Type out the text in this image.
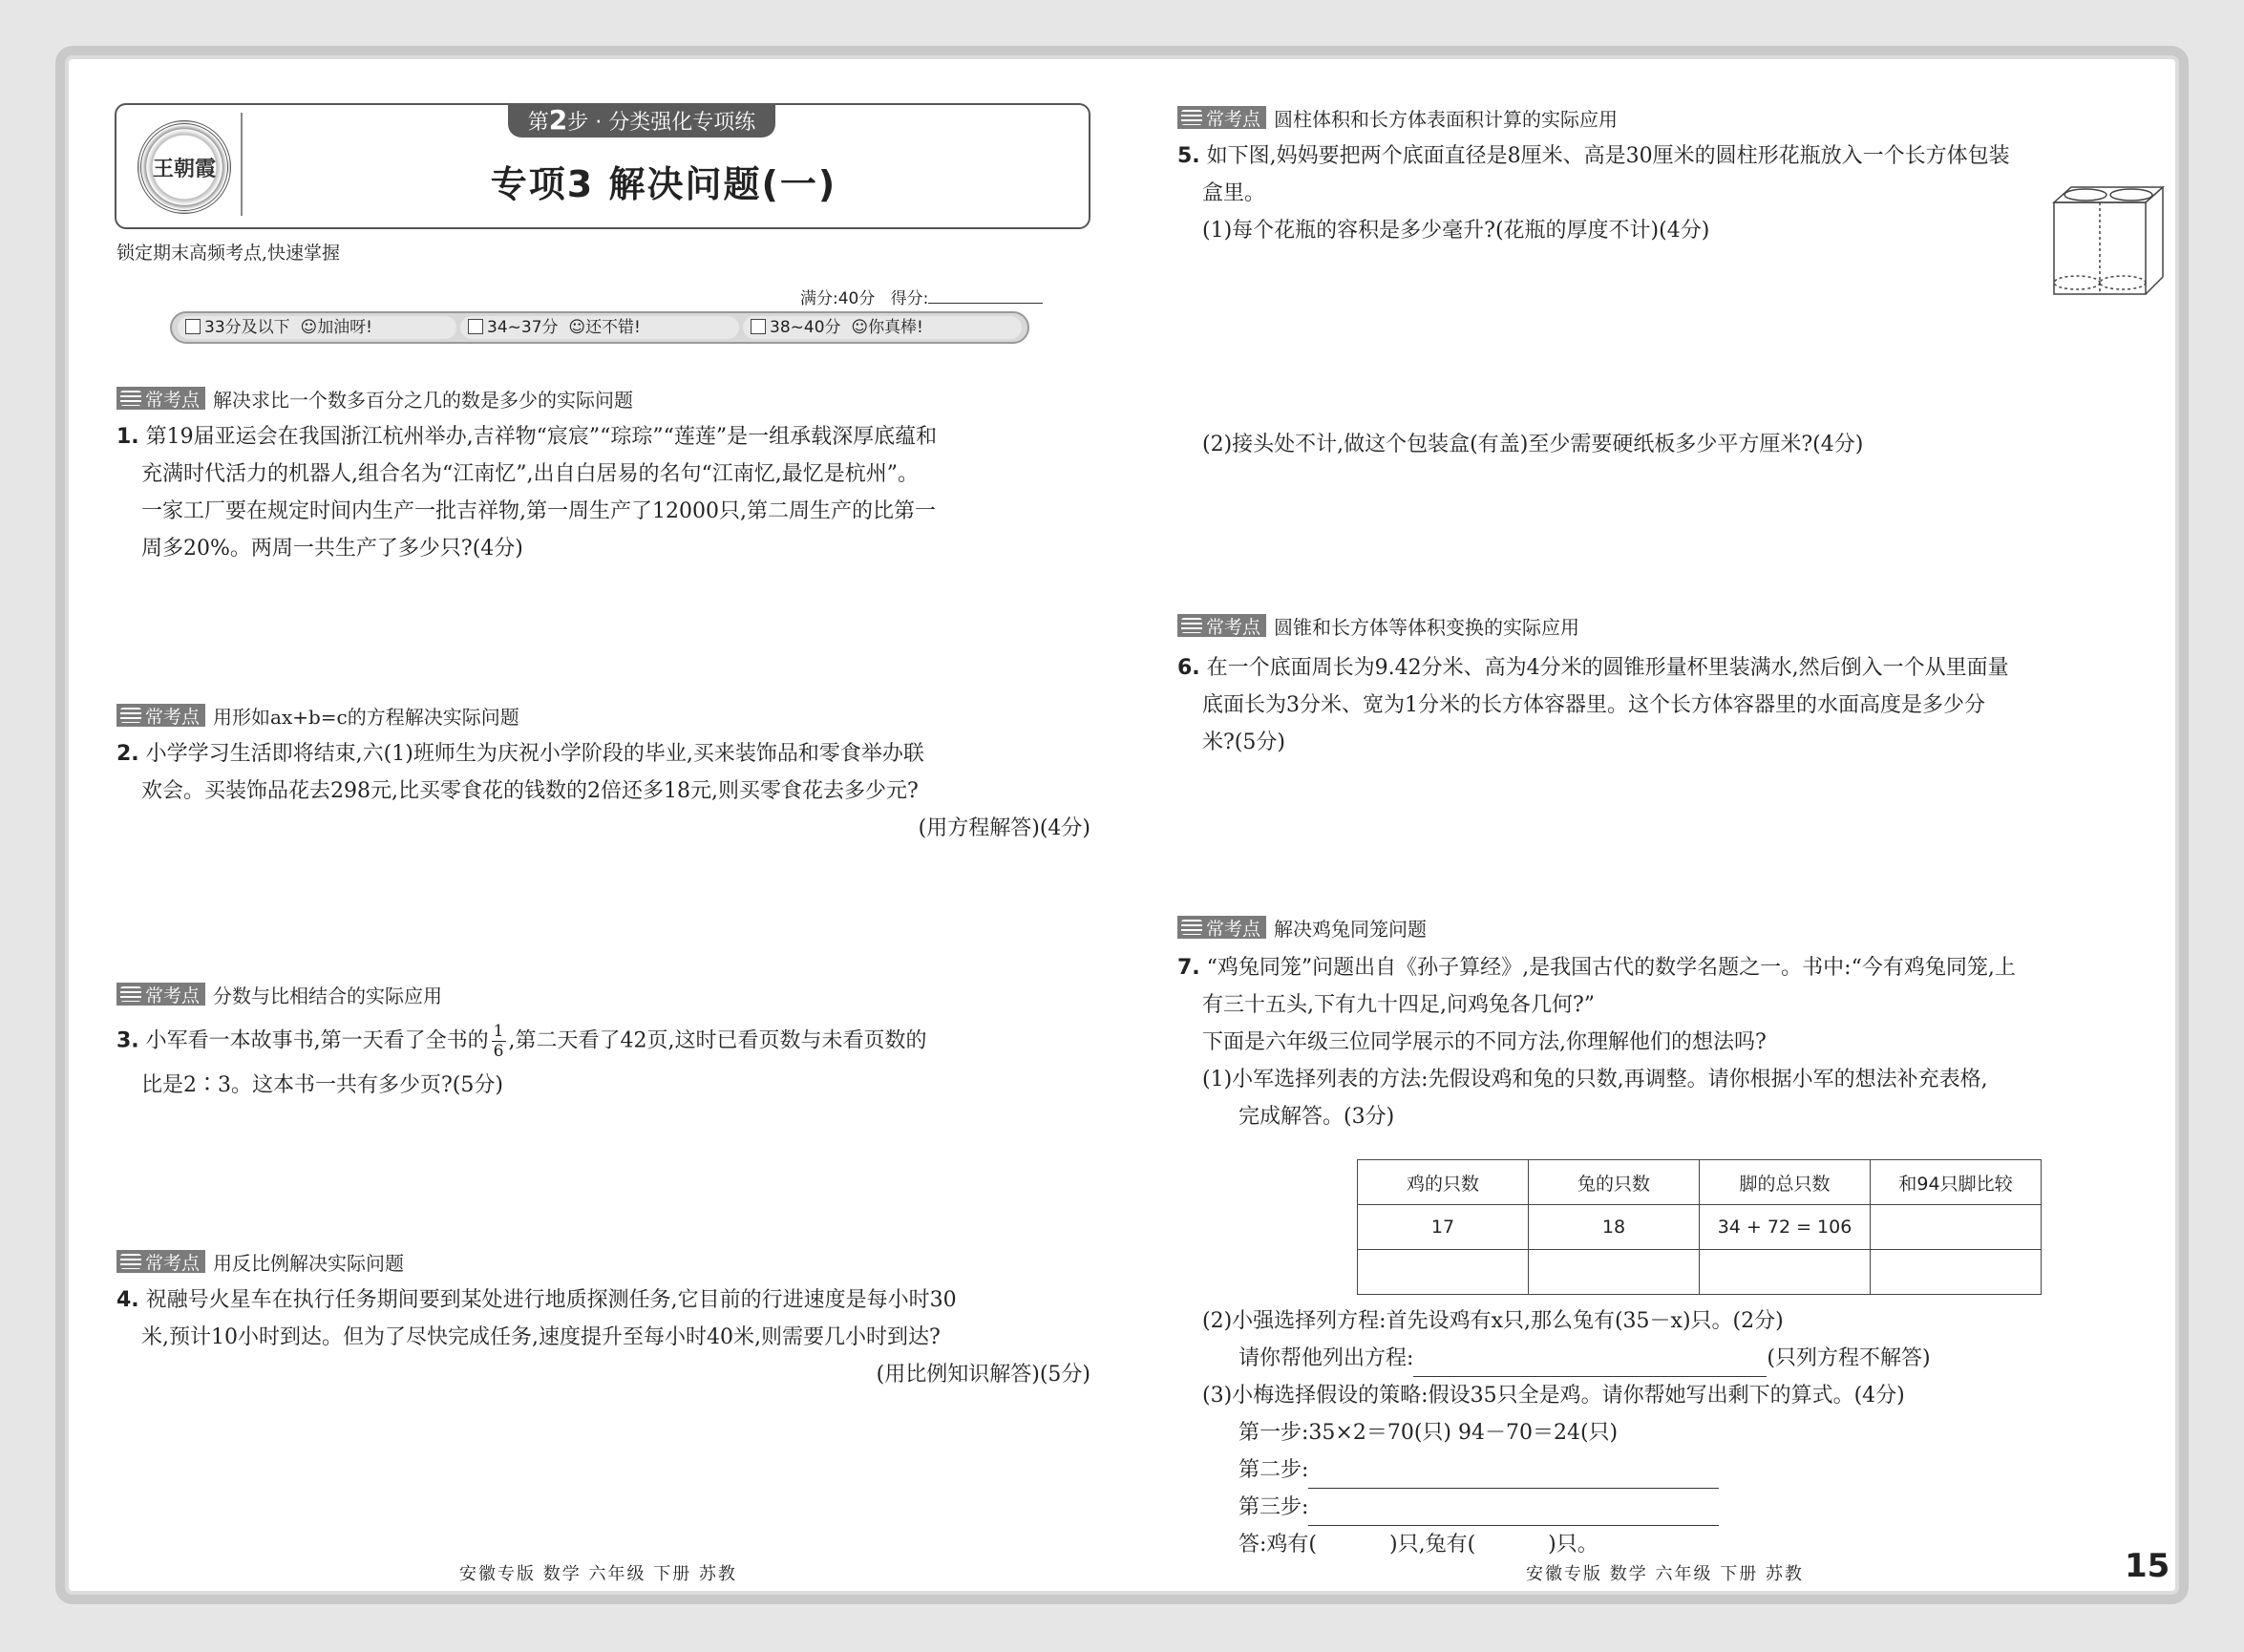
王朝霞
第2步 · 分类强化专项练
专项3 解决问题(一)
锁定期末高频考点,快速掌握
满分:40分 得分:
33分及以下 ☺加油呀!	34~37分 ☺还不错!	38~40分 ☺你真棒!
常考点 解决求比一个数多百分之几的数是多少的实际问题
1. 第19届亚运会在我国浙江杭州举办,吉祥物“宸宸”“琮琮”“莲莲”是一组承载深厚底蕴和
充满时代活力的机器人,组合名为“江南忆”,出自白居易的名句“江南忆,最忆是杭州”。
一家工厂要在规定时间内生产一批吉祥物,第一周生产了12000只,第二周生产的比第一
周多20%。两周一共生产了多少只?(4分)
常考点 用形如ax+b=c的方程解决实际问题
2. 小学学习生活即将结束,六(1)班师生为庆祝小学阶段的毕业,买来装饰品和零食举办联
欢会。买装饰品花去298元,比买零食花的钱数的2倍还多18元,则买零食花去多少元?
(用方程解答)(4分)
常考点 分数与比相结合的实际应用
3. 小军看一本故事书,第一天看了全书的 $\frac{1}{6}$ ,第二天看了42页,这时已看页数与未看页数的
比是2∶3。这本书一共有多少页?(5分)
常考点 用反比例解决实际问题
4. 祝融号火星车在执行任务期间要到某处进行地质探测任务,它目前的行进速度是每小时30
米,预计10小时到达。但为了尽快完成任务,速度提升至每小时40米,则需要几小时到达?
(用比例知识解答)(5分)
安徽专版 数学 六年级 下册 苏教
常考点 圆柱体积和长方体表面积计算的实际应用
5. 如下图,妈妈要把两个底面直径是8厘米、高是30厘米的圆柱形花瓶放入一个长方体包装
盒里。
(1)每个花瓶的容积是多少毫升?(花瓶的厚度不计)(4分)
(2)接头处不计,做这个包装盒(有盖)至少需要硬纸板多少平方厘米?(4分)
常考点 圆锥和长方体等体积变换的实际应用
6. 在一个底面周长为9.42分米、高为4分米的圆锥形量杯里装满水,然后倒入一个从里面量
底面长为3分米、宽为1分米的长方体容器里。这个长方体容器里的水面高度是多少分
米?(5分)
常考点 解决鸡兔同笼问题
7. “鸡兔同笼”问题出自《孙子算经》,是我国古代的数学名题之一。书中:“今有鸡兔同笼,上
有三十五头,下有九十四足,问鸡兔各几何?”
下面是六年级三位同学展示的不同方法,你理解他们的想法吗?
(1)小军选择列表的方法:先假设鸡和兔的只数,再调整。请你根据小军的想法补充表格,
完成解答。(3分)
鸡的只数	兔的只数	脚的总只数	和94只脚比较
17	18	34 + 72 = 106	

(2)小强选择列方程:首先设鸡有x只,那么兔有(35－x)只。(2分)
请你帮他列出方程:	(只列方程不解答)
(3)小梅选择假设的策略:假设35只全是鸡。请你帮她写出剩下的算式。(4分)
第一步:35×2＝70(只) 94－70＝24(只)
第二步:
第三步:
答:鸡有(	)只,兔有(	)只。
安徽专版 数学 六年级 下册 苏教	15
